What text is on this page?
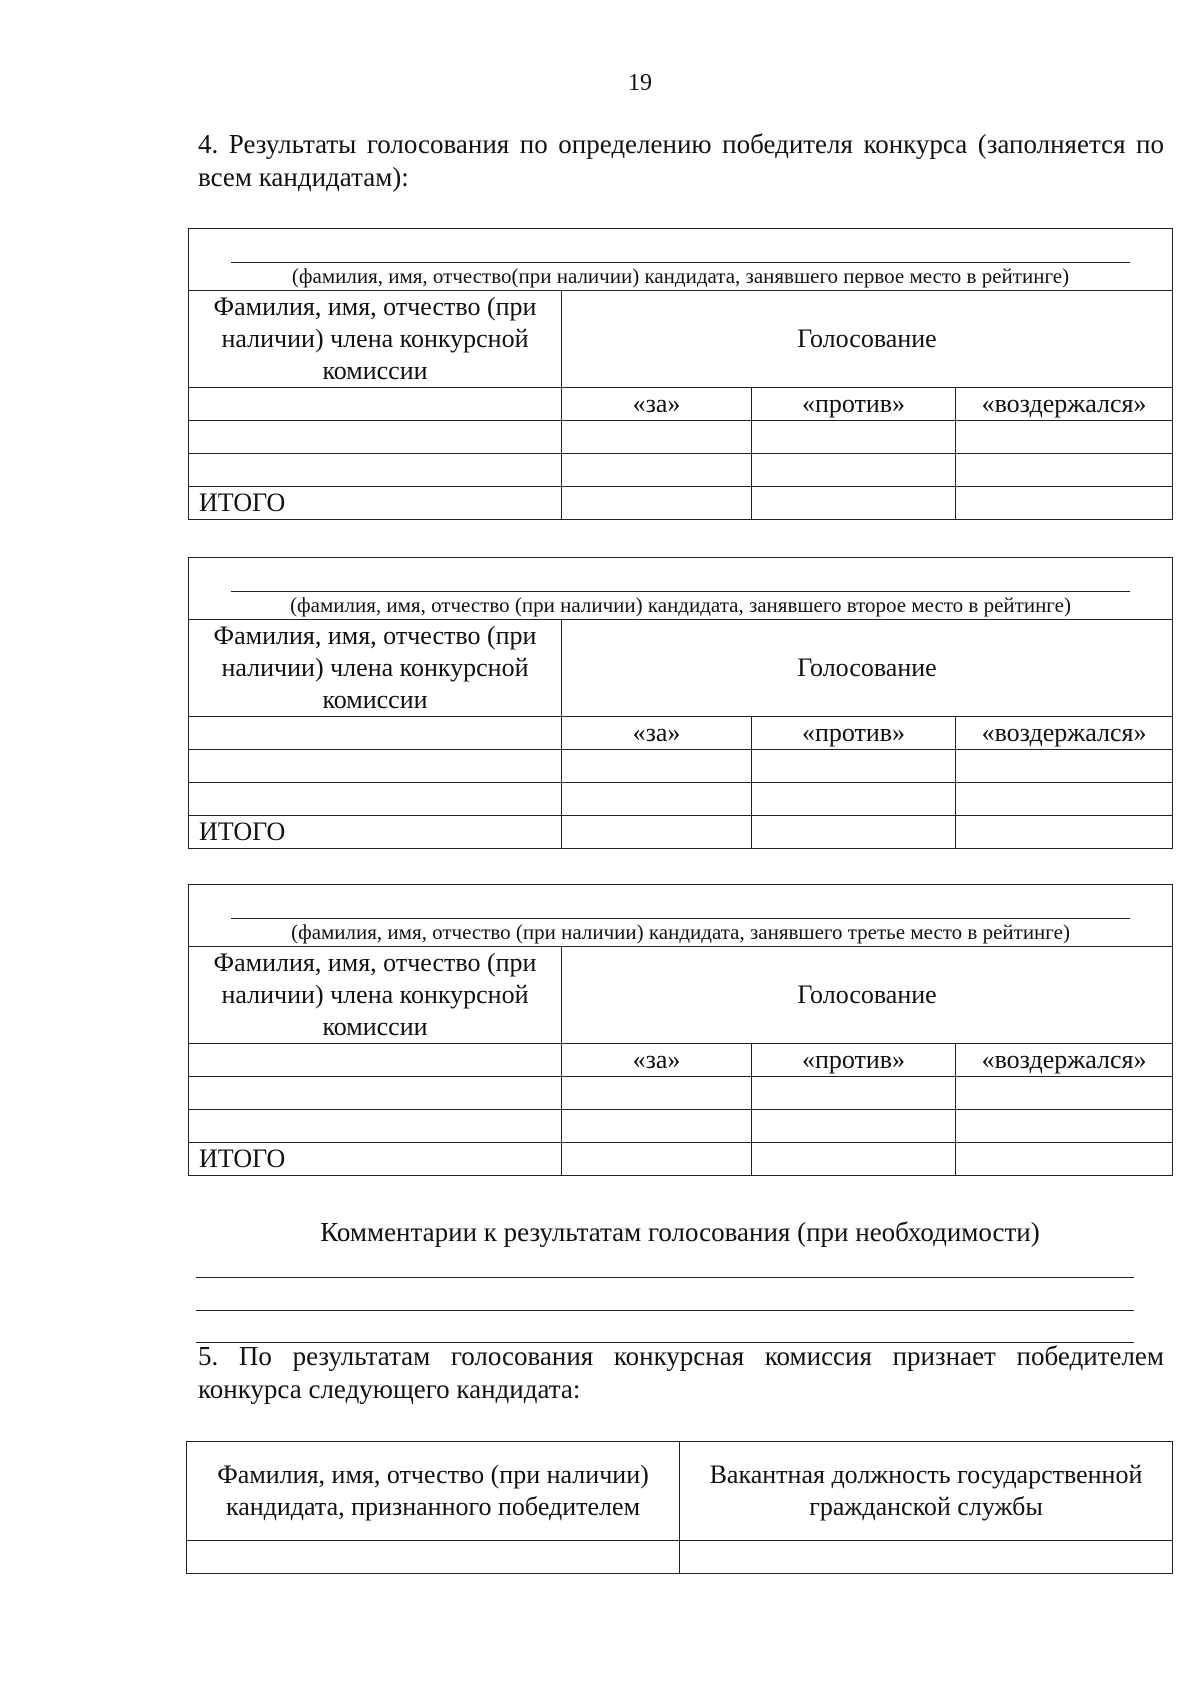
19
4. Результаты голосования по определению победителя конкурса (заполняется по всем кандидатам):
(фамилия, имя, отчество(при наличии) кандидата, занявшего первое место в рейтинге)			

Фамилия, имя, отчество (при наличии) члена конкурсной комиссии	Голосование		
	«за»	«против»	«воздержался»

ИТОГО			
(фамилия, имя, отчество (при наличии) кандидата, занявшего второе место в рейтинге)			

Фамилия, имя, отчество (при наличии) члена конкурсной комиссии	Голосование		
	«за»	«против»	«воздержался»

ИТОГО			
(фамилия, имя, отчество (при наличии) кандидата, занявшего третье место в рейтинге)			

Фамилия, имя, отчество (при наличии) члена конкурсной комиссии	Голосование		
	«за»	«против»	«воздержался»

ИТОГО			
Комментарии к результатам голосования (при необходимости)
5. По результатам голосования конкурсная комиссия признает победителем конкурса следующего кандидата:
Фамилия, имя, отчество (при наличии) кандидата, признанного победителем	Вакантная должность государственной гражданской службы
